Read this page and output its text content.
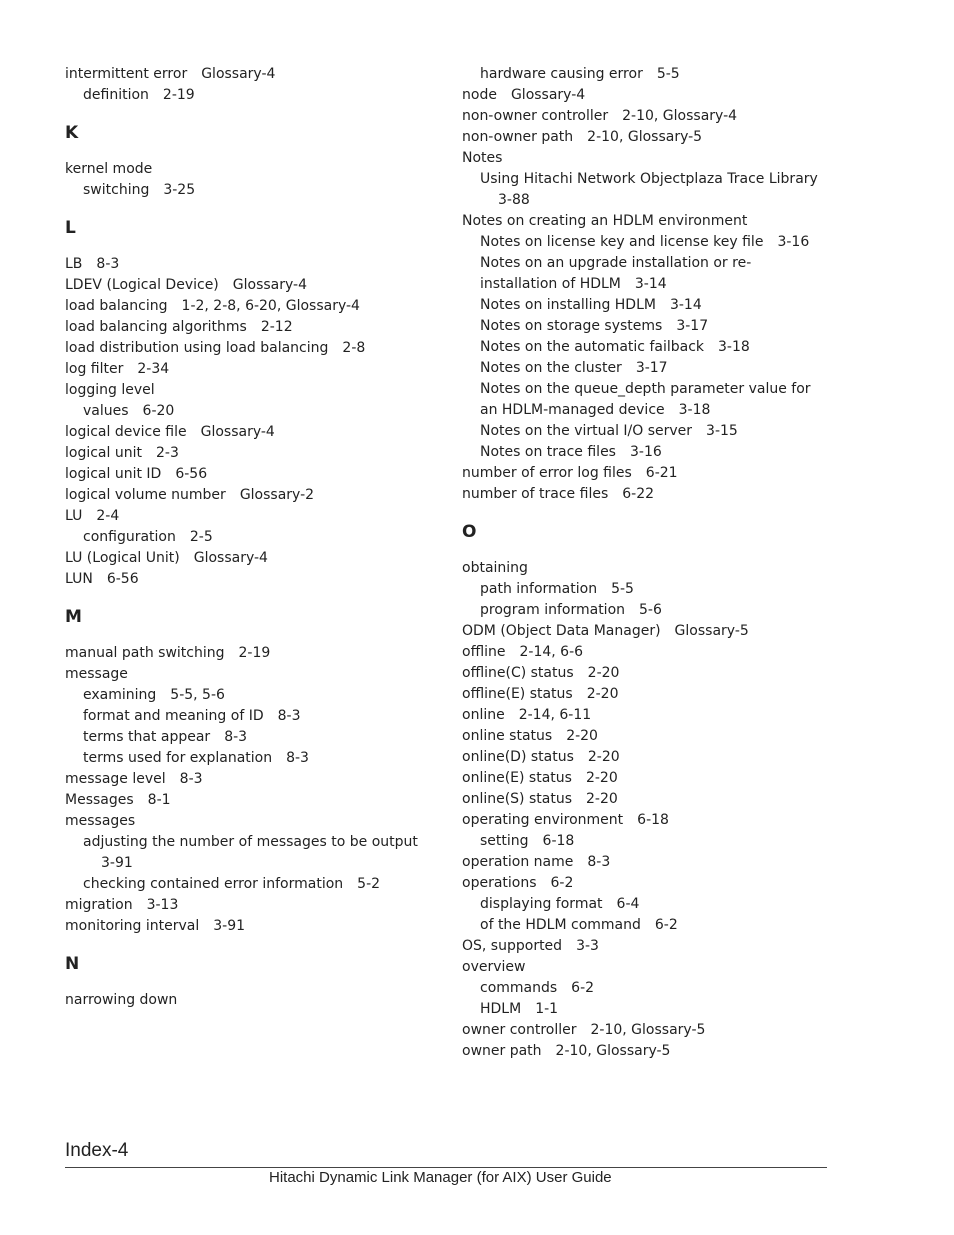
intermittent error Glossary-4
definition 2-19
K
kernel mode
switching 3-25
L
LB 8-3
LDEV (Logical Device) Glossary-4
load balancing 1-2, 2-8, 6-20, Glossary-4
load balancing algorithms 2-12
load distribution using load balancing 2-8
log filter 2-34
logging level
values 6-20
logical device file Glossary-4
logical unit 2-3
logical unit ID 6-56
logical volume number Glossary-2
LU 2-4
configuration 2-5
LU (Logical Unit) Glossary-4
LUN 6-56
M
manual path switching 2-19
message
examining 5-5, 5-6
format and meaning of ID 8-3
terms that appear 8-3
terms used for explanation 8-3
message level 8-3
Messages 8-1
messages
adjusting the number of messages to be output
3-91
checking contained error information 5-2
migration 3-13
monitoring interval 3-91
N
narrowing down
hardware causing error 5-5
node Glossary-4
non-owner controller 2-10, Glossary-4
non-owner path 2-10, Glossary-5
Notes
Using Hitachi Network Objectplaza Trace Library
3-88
Notes on creating an HDLM environment
Notes on license key and license key file 3-16
Notes on an upgrade installation or re-
installation of HDLM 3-14
Notes on installing HDLM 3-14
Notes on storage systems 3-17
Notes on the automatic failback 3-18
Notes on the cluster 3-17
Notes on the queue_depth parameter value for
an HDLM-managed device 3-18
Notes on the virtual I/O server 3-15
Notes on trace files 3-16
number of error log files 6-21
number of trace files 6-22
O
obtaining
path information 5-5
program information 5-6
ODM (Object Data Manager) Glossary-5
offline 2-14, 6-6
offline(C) status 2-20
offline(E) status 2-20
online 2-14, 6-11
online status 2-20
online(D) status 2-20
online(E) status 2-20
online(S) status 2-20
operating environment 6-18
setting 6-18
operation name 8-3
operations 6-2
displaying format 6-4
of the HDLM command 6-2
OS, supported 3-3
overview
commands 6-2
HDLM 1-1
owner controller 2-10, Glossary-5
owner path 2-10, Glossary-5
Index-4
Hitachi Dynamic Link Manager (for AIX) User Guide
